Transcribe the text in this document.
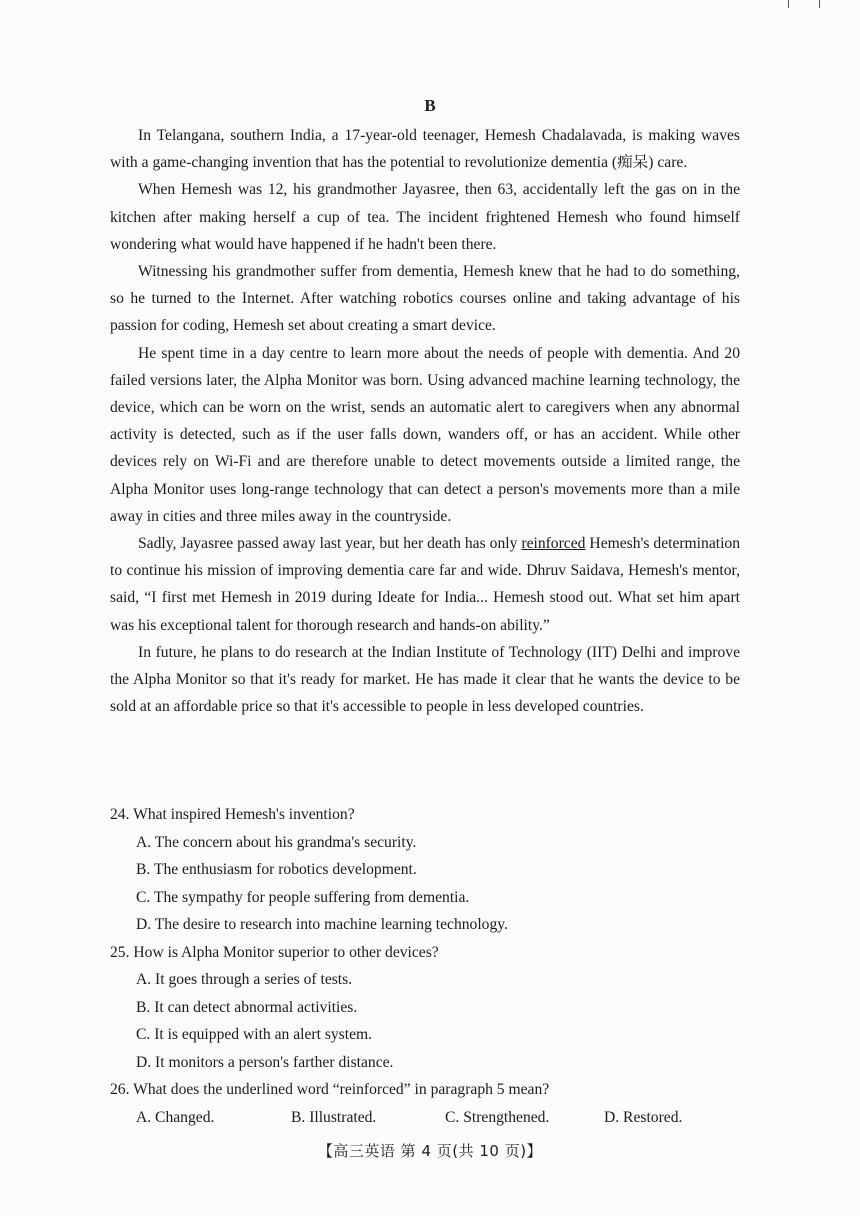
B

In Telangana, southern India, a 17-year-old teenager, Hemesh Chadalavada, is making waves with a game-changing invention that has the potential to revolutionize dementia (痴呆) care.

When Hemesh was 12, his grandmother Jayasree, then 63, accidentally left the gas on in the kitchen after making herself a cup of tea. The incident frightened Hemesh who found himself wondering what would have happened if he hadn't been there.

Witnessing his grandmother suffer from dementia, Hemesh knew that he had to do something, so he turned to the Internet. After watching robotics courses online and taking advantage of his passion for coding, Hemesh set about creating a smart device.

He spent time in a day centre to learn more about the needs of people with dementia. And 20 failed versions later, the Alpha Monitor was born. Using advanced machine learning technology, the device, which can be worn on the wrist, sends an automatic alert to caregivers when any abnormal activity is detected, such as if the user falls down, wanders off, or has an accident. While other devices rely on Wi-Fi and are therefore unable to detect movements outside a limited range, the Alpha Monitor uses long-range technology that can detect a person's movements more than a mile away in cities and three miles away in the countryside.

Sadly, Jayasree passed away last year, but her death has only reinforced Hemesh's determination to continue his mission of improving dementia care far and wide. Dhruv Saidava, Hemesh's mentor, said, “I first met Hemesh in 2019 during Ideate for India... Hemesh stood out. What set him apart was his exceptional talent for thorough research and hands-on ability.”

In future, he plans to do research at the Indian Institute of Technology (IIT) Delhi and improve the Alpha Monitor so that it's ready for market. He has made it clear that he wants the device to be sold at an affordable price so that it's accessible to people in less developed countries.

24. What inspired Hemesh's invention?

A. The concern about his grandma's security.

B. The enthusiasm for robotics development.

C. The sympathy for people suffering from dementia.

D. The desire to research into machine learning technology.

25. How is Alpha Monitor superior to other devices?

A. It goes through a series of tests.

B. It can detect abnormal activities.

C. It is equipped with an alert system.

D. It monitors a person's farther distance.

26. What does the underlined word “reinforced” in paragraph 5 mean?

A. Changed.	B. Illustrated.	C. Strengthened.	D. Restored.
【高三英语 第 4 页(共 10 页)】
